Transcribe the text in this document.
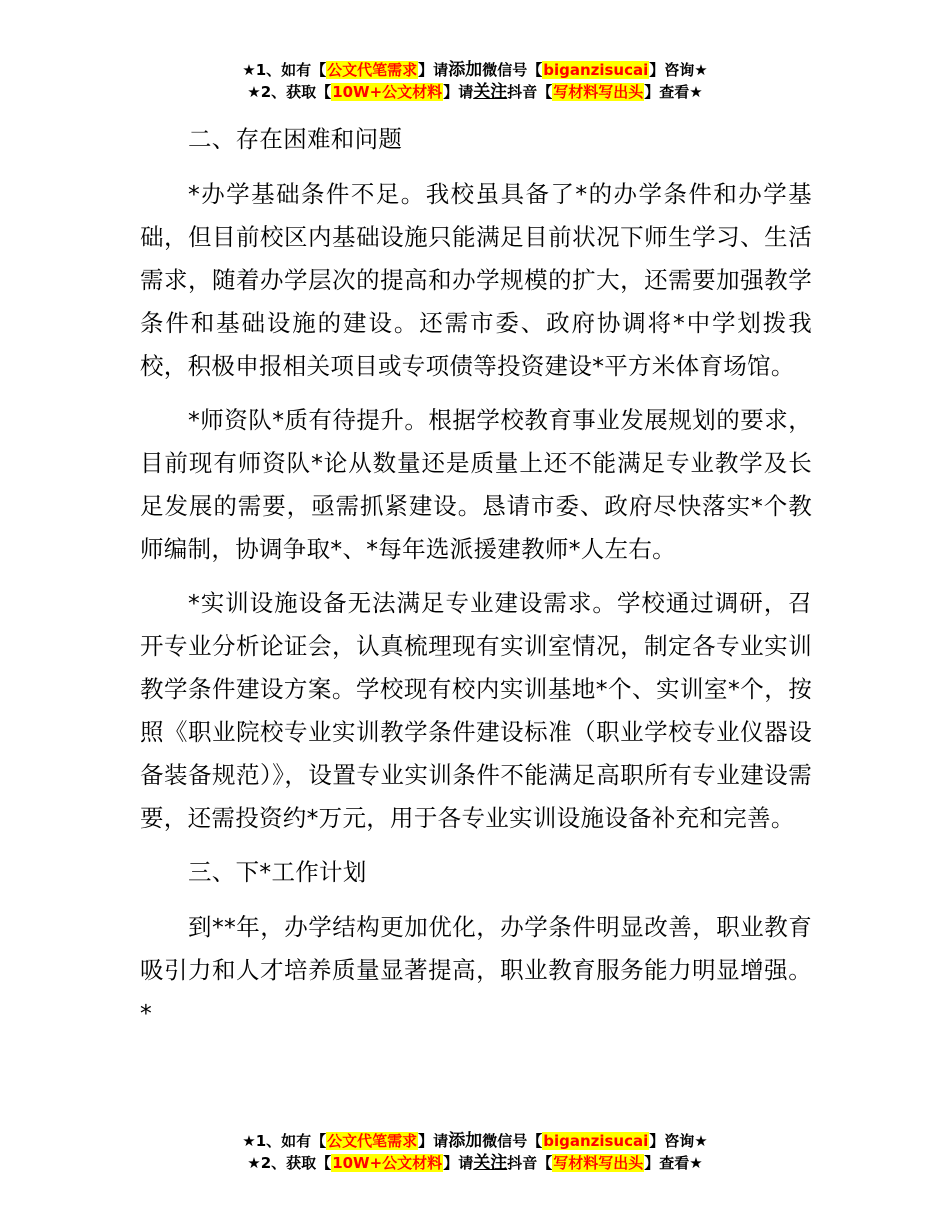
★1、如有【公文代笔需求】请添加微信号【biganzisucai】咨询★
★2、获取【10W+公文材料】请关注抖音【写材料写出头】查看★

二、存在困难和问题

*办学基础条件不足。我校虽具备了*的办学条件和办学基础，但目前校区内基础设施只能满足目前状况下师生学习、生活需求，随着办学层次的提高和办学规模的扩大，还需要加强教学条件和基础设施的建设。还需市委、政府协调将*中学划拨我校，积极申报相关项目或专项债等投资建设*平方米体育场馆。

*师资队*质有待提升。根据学校教育事业发展规划的要求，目前现有师资队*论从数量还是质量上还不能满足专业教学及长足发展的需要，亟需抓紧建设。恳请市委、政府尽快落实*个教师编制，协调争取*、*每年选派援建教师*人左右。

*实训设施设备无法满足专业建设需求。学校通过调研，召开专业分析论证会，认真梳理现有实训室情况，制定各专业实训教学条件建设方案。学校现有校内实训基地*个、实训室*个，按照《职业院校专业实训教学条件建设标准（职业学校专业仪器设备装备规范）》，设置专业实训条件不能满足高职所有专业建设需要，还需投资约*万元，用于各专业实训设施设备补充和完善。

三、下*工作计划

到**年，办学结构更加优化，办学条件明显改善，职业教育吸引力和人才培养质量显著提高，职业教育服务能力明显增强。*

★1、如有【公文代笔需求】请添加微信号【biganzisucai】咨询★
★2、获取【10W+公文材料】请关注抖音【写材料写出头】查看★
